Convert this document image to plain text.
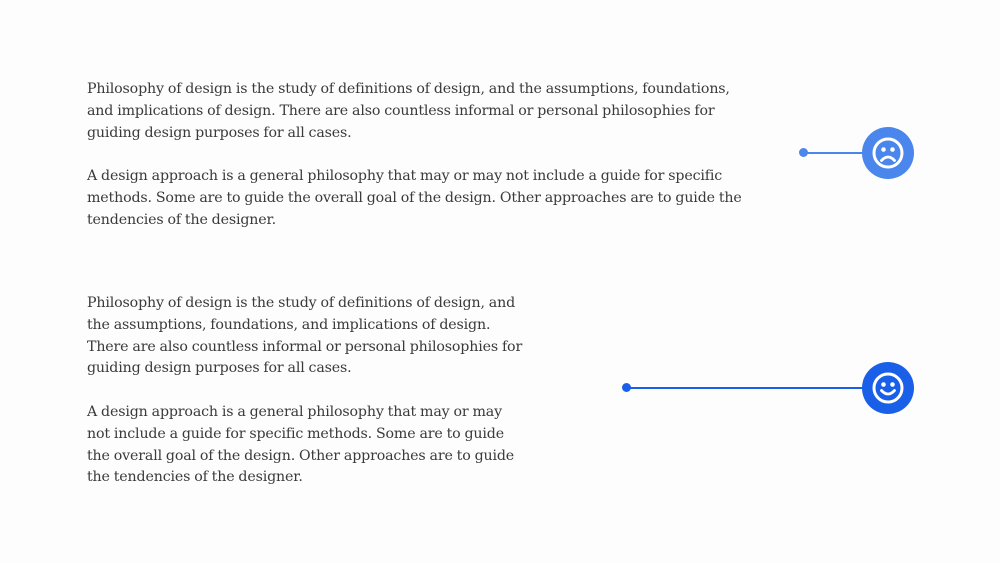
Philosophy of design is the study of definitions of design, and the assumptions, foundations, and implications of design. There are also countless informal or personal philosophies for guiding design purposes for all cases.

A design approach is a general philosophy that may or may not include a guide for specific methods. Some are to guide the overall goal of the design. Other approaches are to guide the tendencies of the designer.

Philosophy of design is the study of definitions of design, and the assumptions, foundations, and implications of design. There are also countless informal or personal philosophies for guiding design purposes for all cases.

A design approach is a general philosophy that may or may not include a guide for specific methods. Some are to guide the overall goal of the design. Other approaches are to guide the tendencies of the designer.
